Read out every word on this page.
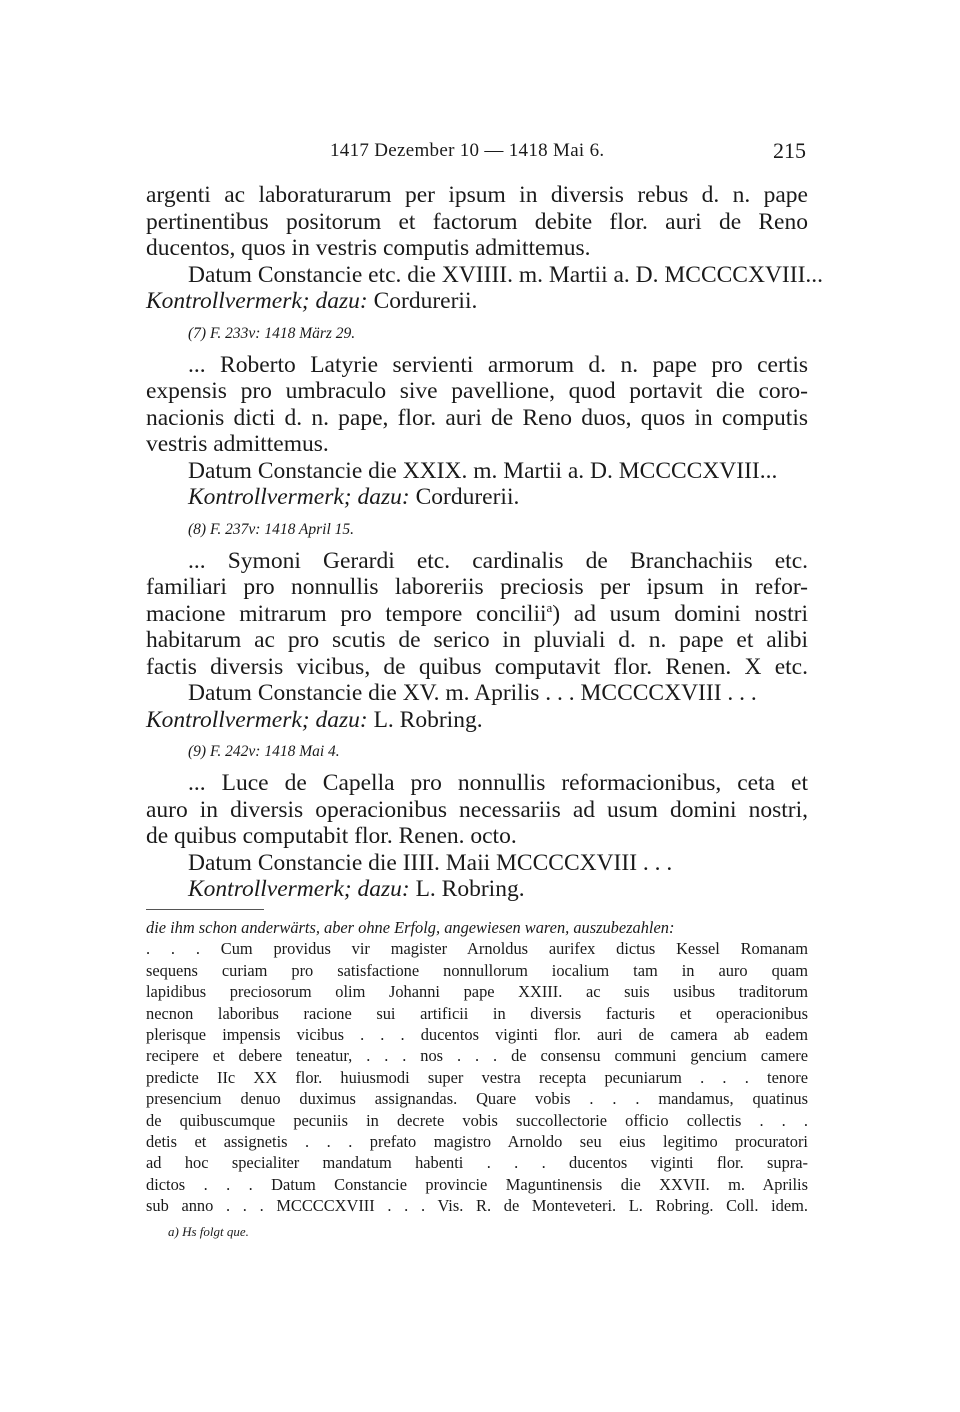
1417 Dezember 10 — 1418 Mai 6.	215
argenti ac laboraturarum per ipsum in diversis rebus d. n. pape
pertinentibus positorum et factorum debite flor. auri de Reno
ducentos, quos in vestris computis admittemus.
Datum Constancie etc. die XVIIII. m. Martii a. D. MCCCCXVIII...
Kontrollvermerk; dazu: Cordurerii.
(7) F. 233v: 1418 März 29.
... Roberto Latyrie servienti armorum d. n. pape pro certis
expensis pro umbraculo sive pavellione, quod portavit die coro-
nacionis dicti d. n. pape, flor. auri de Reno duos, quos in computis
vestris admittemus.
Datum Constancie die XXIX. m. Martii a. D. MCCCCXVIII...
Kontrollvermerk; dazu: Cordurerii.
(8) F. 237v: 1418 April 15.
... Symoni Gerardi etc. cardinalis de Branchachiis etc.
familiari pro nonnullis laboreriis preciosis per ipsum in refor-
macione mitrarum pro tempore concilii$^a$) ad usum domini nostri
habitarum ac pro scutis de serico in pluviali d. n. pape et alibi
factis diversis vicibus, de quibus computavit flor. Renen. X etc.
Datum Constancie die XV. m. Aprilis . . . MCCCCXVIII . . .
Kontrollvermerk; dazu: L. Robring.
(9) F. 242v: 1418 Mai 4.
... Luce de Capella pro nonnullis reformacionibus, ceta et
auro in diversis operacionibus necessariis ad usum domini nostri,
de quibus computabit flor. Renen. octo.
Datum Constancie die IIII. Maii MCCCCXVIII . . .
Kontrollvermerk; dazu: L. Robring.
die ihm schon anderwärts, aber ohne Erfolg, angewiesen waren, auszubezahlen:
. . . Cum providus vir magister Arnoldus aurifex dictus Kessel Romanam
sequens curiam pro satisfactione nonnullorum iocalium tam in auro quam
lapidibus preciosorum olim Johanni pape XXIII. ac suis usibus traditorum
necnon laboribus racione sui artificii in diversis facturis et operacionibus
plerisque impensis vicibus . . . ducentos viginti flor. auri de camera ab eadem
recipere et debere teneatur, . . . nos . . . de consensu communi gencium camere
predicte IIc XX flor. huiusmodi super vestra recepta pecuniarum . . . tenore
presencium denuo duximus assignandas. Quare vobis . . . mandamus, quatinus
de quibuscumque pecuniis in decrete vobis succollectorie officio collectis . . .
detis et assignetis . . . prefato magistro Arnoldo seu eius legitimo procuratori
ad hoc specialiter mandatum habenti . . . ducentos viginti flor. supra-
dictos . . . Datum Constancie provincie Maguntinensis die XXVII. m. Aprilis
sub anno . . . MCCCCXVIII . . . Vis. R. de Monteveteri. L. Robring. Coll. idem.
a) Hs folgt que.
